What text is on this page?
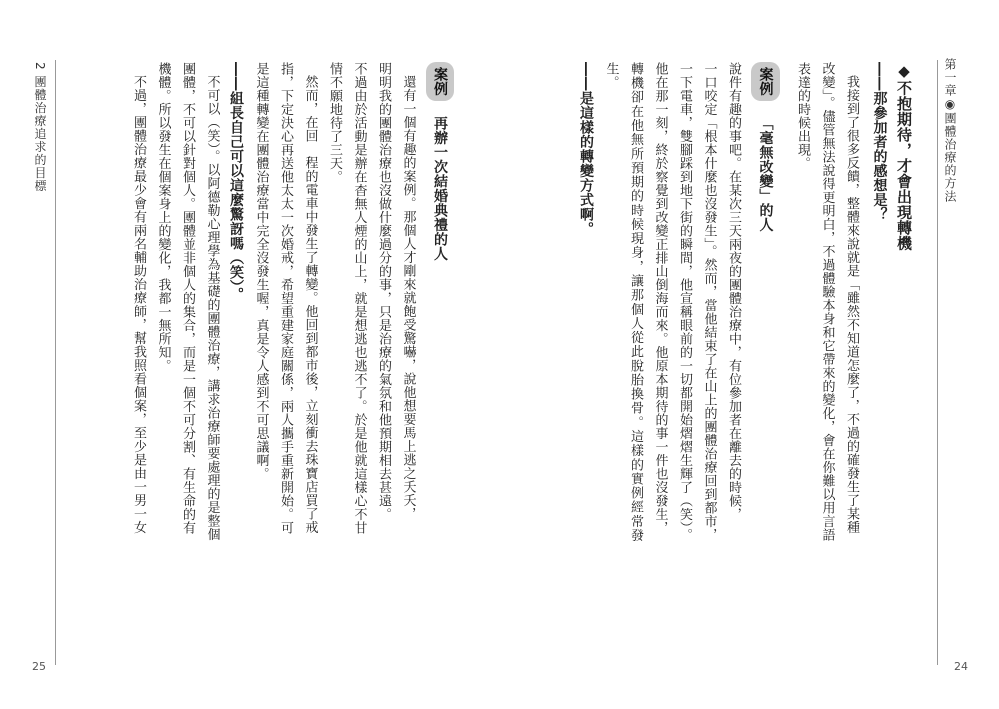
第一章◉團體治療的方法
24
◆不抱期待，才會出現轉機
――那參加者的感想是？
我接到了很多反饋，整體來說就是「雖然不知道怎麼了，不過的確發生了某種
改變」。儘管無法說得更明白，不過體驗本身和它帶來的變化，會在你難以用言語
表達的時候出現。
案例 「毫無改變」的人
說件有趣的事吧。在某次三天兩夜的團體治療中，有位參加者在離去的時候，
一口咬定「根本什麼也沒發生」。然而，當他結束了在山上的團體治療回到都市，
一下電車，雙腳踩到地下街的瞬間，他宣稱眼前的一切都開始熠熠生輝了（笑）。
他在那一刻，終於察覺到改變正排山倒海而來。他原本期待的事一件也沒發生，
轉機卻在他無所預期的時候現身，讓那個人從此脫胎換骨。這樣的實例經常發生。
――是這樣的轉變方式啊。
2 團體治療追求的目標
25
案例 再辦一次結婚典禮的人
還有一個有趣的案例。那個人才剛來就飽受驚嚇，說他想要馬上逃之夭夭，
明明我的團體治療也沒做什麼過分的事，只是治療的氣氛和他預期相去甚遠。
不過由於活動是辦在杳無人煙的山上，就是想逃也逃不了。於是他就這樣心不甘
情不願地待了三天。
然而，在回　程的電車中發生了轉變。他回到都市後，立刻衝去珠寶店買了戒
指，下定決心再送他太太一次婚戒，希望重建家庭關係，兩人攜手重新開始。可
是這種轉變在團體治療當中完全沒發生喔，真是令人感到不可思議啊。
――組長自己可以這麼驚訝嗎（笑）。
不可以（笑）。以阿德勒心理學為基礎的團體治療，講求治療師要處理的是整個
團體，不可以針對個人。團體並非個人的集合，而是一個不可分割、有生命的有
機體。所以發生在個案身上的變化，我都一無所知。
不過，團體治療最少會有兩名輔助治療師，幫我照看個案，至少是由一男一女
